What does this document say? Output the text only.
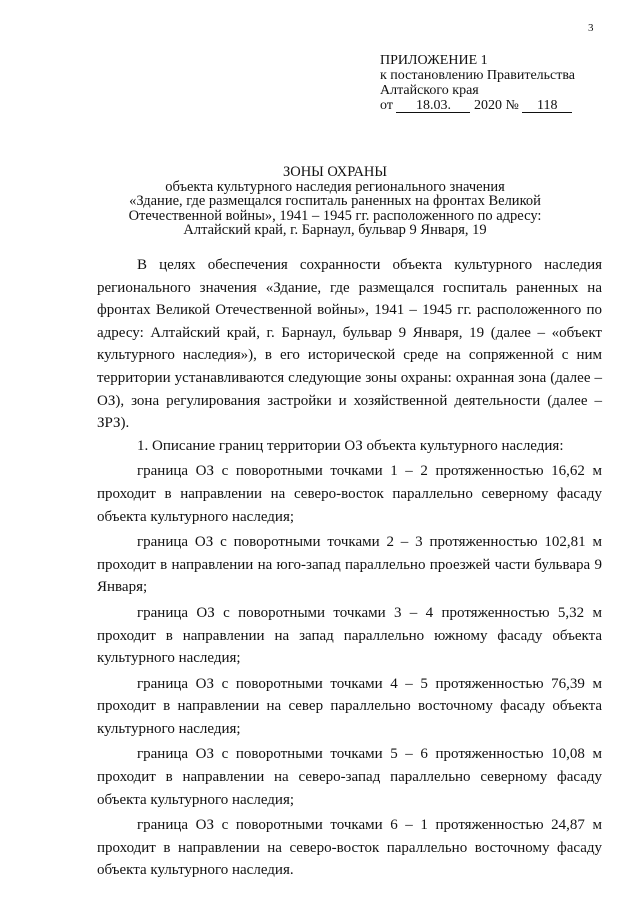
3
ПРИЛОЖЕНИЕ 1
к постановлению Правительства
Алтайского края
от 18.03. 2020 № 118
ЗОНЫ ОХРАНЫ
объекта культурного наследия регионального значения
«Здание, где размещался госпиталь раненных на фронтах Великой
Отечественной войны», 1941 – 1945 гг. расположенного по адресу:
Алтайский край, г. Барнаул, бульвар 9 Января, 19

В целях обеспечения сохранности объекта культурного наследия регионального значения «Здание, где размещался госпиталь раненных на фронтах Великой Отечественной войны», 1941 – 1945 гг. расположенного по адресу: Алтайский край, г. Барнаул, бульвар 9 Января, 19 (далее – «объект культурного наследия»), в его исторической среде на сопряженной с ним территории устанавливаются следующие зоны охраны: охранная зона (далее – ОЗ), зона регулирования застройки и хозяйственной деятельности (далее – ЗРЗ).

1. Описание границ территории ОЗ объекта культурного наследия:

граница ОЗ с поворотными точками 1 – 2 протяженностью 16,62 м проходит в направлении на северо-восток параллельно северному фасаду объекта культурного наследия;

граница ОЗ с поворотными точками 2 – 3 протяженностью 102,81 м проходит в направлении на юго-запад параллельно проезжей части бульвара 9 Января;

граница ОЗ с поворотными точками 3 – 4 протяженностью 5,32 м проходит в направлении на запад параллельно южному фасаду объекта культурного наследия;

граница ОЗ с поворотными точками 4 – 5 протяженностью 76,39 м проходит в направлении на север параллельно восточному фасаду объекта культурного наследия;

граница ОЗ с поворотными точками 5 – 6 протяженностью 10,08 м проходит в направлении на северо-запад параллельно северному фасаду объекта культурного наследия;

граница ОЗ с поворотными точками 6 – 1 протяженностью 24,87 м проходит в направлении на северо-восток параллельно восточному фасаду объекта культурного наследия.
